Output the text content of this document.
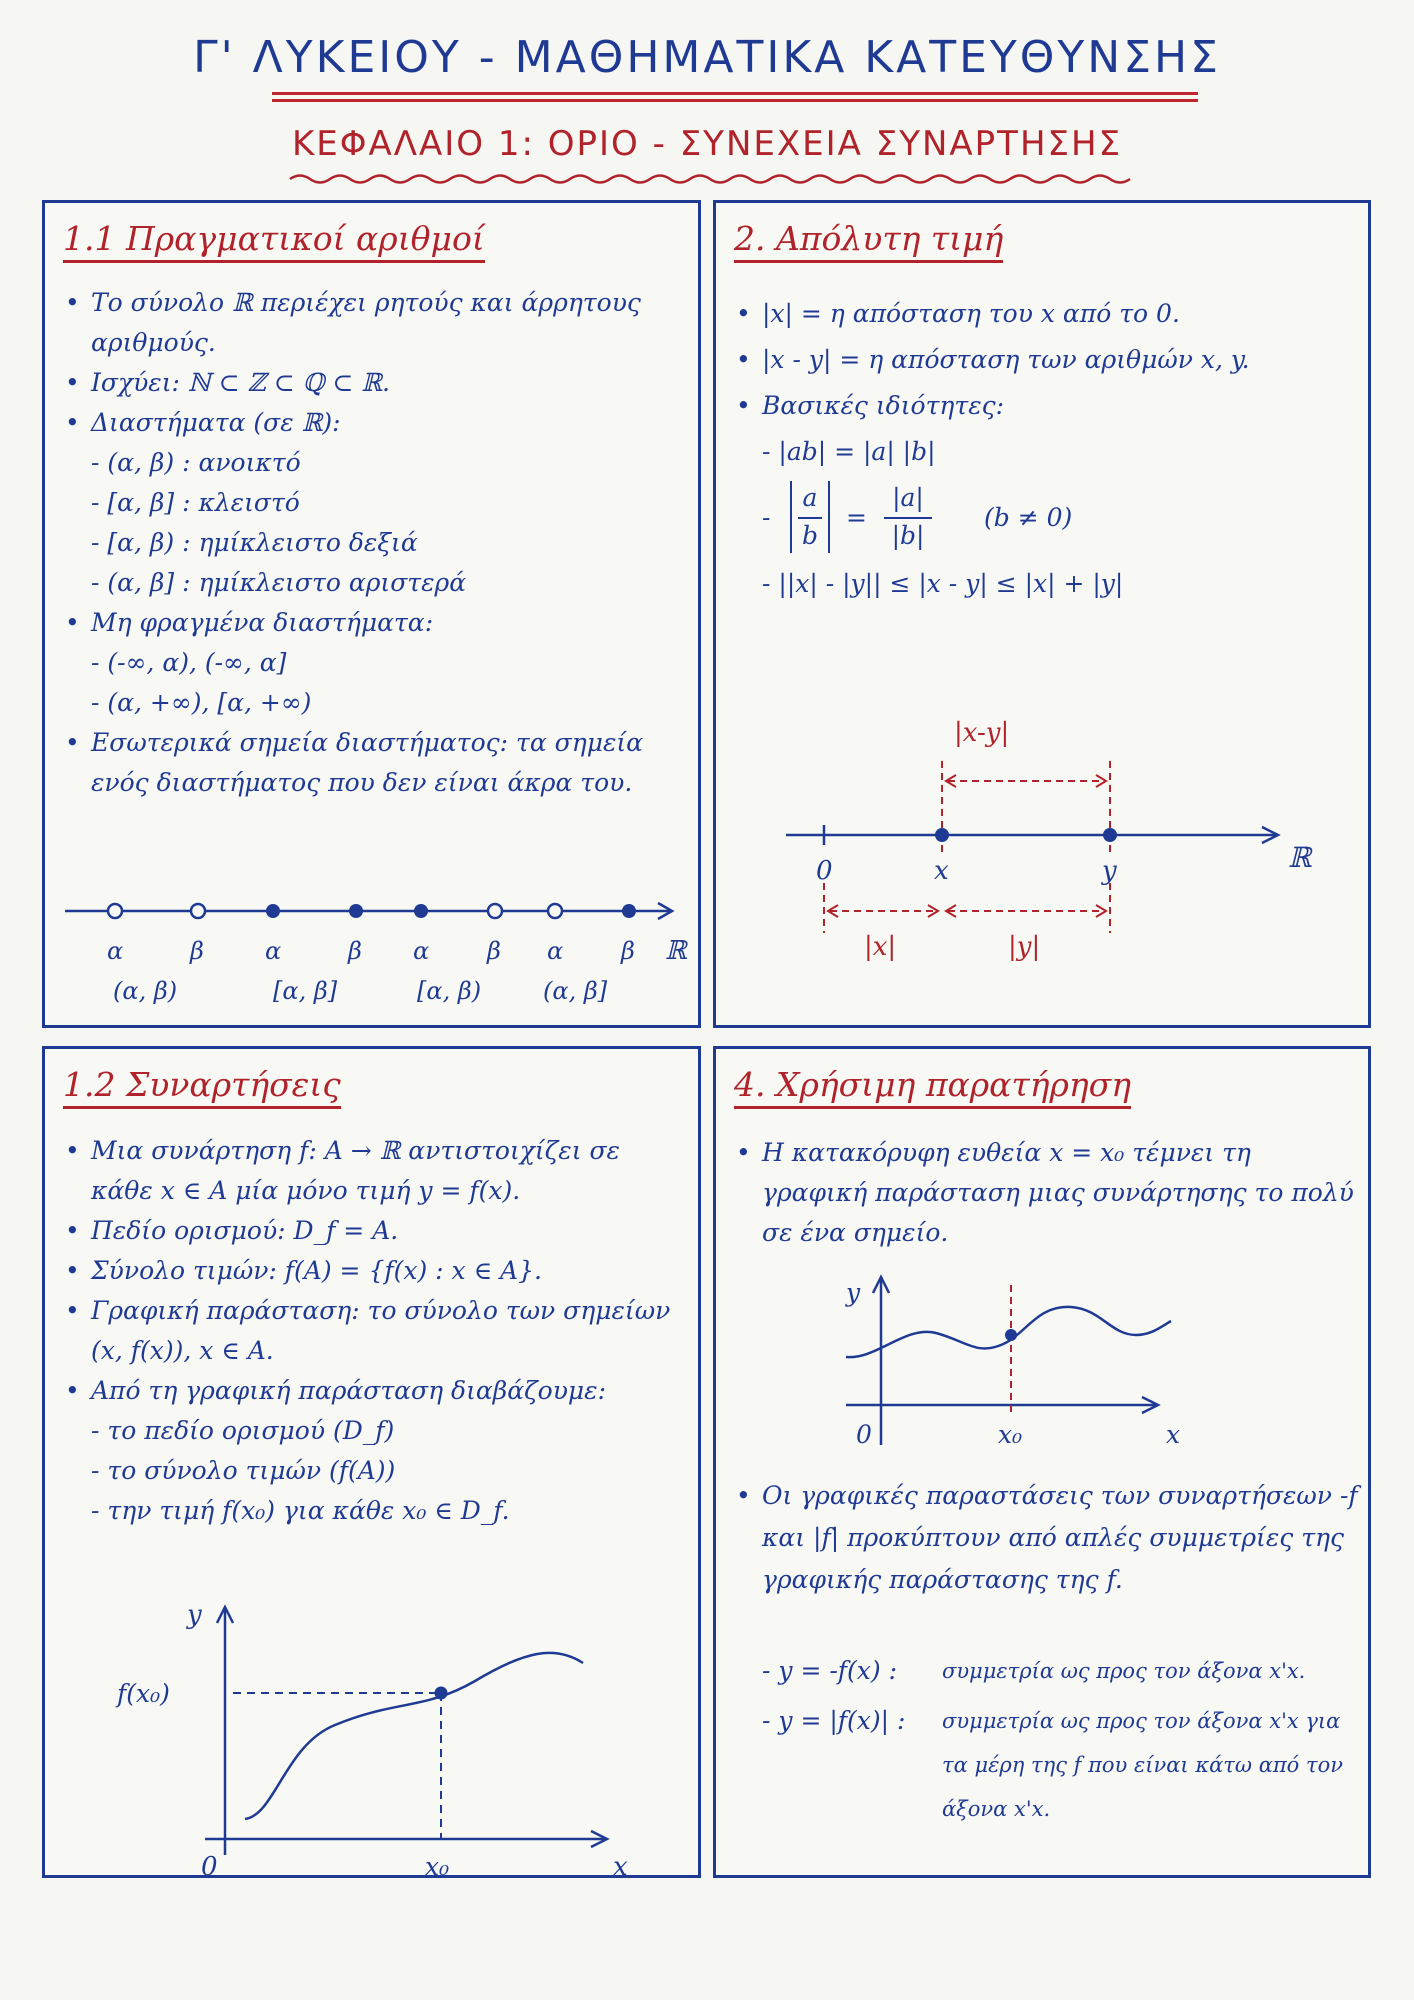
Γ' ΛΥΚΕΙΟΥ - ΜΑΘΗΜΑΤΙΚΑ ΚΑΤΕΥΘΥΝΣΗΣ
ΚΕΦΑΛΑΙΟ 1: ΟΡΙΟ - ΣΥΝΕΧΕΙΑ ΣΥΝΑΡΤΗΣΗΣ
1.1 Πραγματικοί αριθμοί
• Το σύνολο ℝ περιέχει ρητούς και άρρητους αριθμούς.
• Ισχύει: ℕ ⊂ ℤ ⊂ ℚ ⊂ ℝ.
• Διαστήματα (σε ℝ):
- (α, β) : ανοικτό
- [α, β] : κλειστό
- [α, β) : ημίκλειστο δεξιά
- (α, β] : ημίκλειστο αριστερά
• Μη φραγμένα διαστήματα:
- (-∞, α), (-∞, α]
- (α, +∞), [α, +∞)
• Εσωτερικά σημεία διαστήματος: τα σημεία ενός διαστήματος που δεν είναι άκρα του.
α	β	α	β α β α β ℝ
(α, β)	[α, β]	[α, β)	(α, β]
2. Απόλυτη τιμή
• |x| = η απόσταση του x από το 0.
• |x - y| = η απόσταση των αριθμών x, y.
• Βασικές ιδιότητες:
- |ab| = |a| |b|
-
a
b
=
|a|
|b|
(b ≠ 0)
- ||x| - |y|| ≤ |x - y| ≤ |x| + |y|
|x-y|
0	x	y	ℝ
|x|	|y|
1.2 Συναρτήσεις
• Μια συνάρτηση f: A → ℝ αντιστοιχίζει σε κάθε x ∈ A μία μόνο τιμή y = f(x).
• Πεδίο ορισμού: D_f = A.
• Σύνολο τιμών: f(A) = {f(x) : x ∈ A}.
• Γραφική παράσταση: το σύνολο των σημείων (x, f(x)), x ∈ A.
• Από τη γραφική παράσταση διαβάζουμε:
- το πεδίο ορισμού (D_f)
- το σύνολο τιμών (f(A))
- την τιμή f(x₀) για κάθε x₀ ∈ D_f.
y
0	x
f(x₀)
x₀
4. Χρήσιμη παρατήρηση
• Η κατακόρυφη ευθεία x = x₀ τέμνει τη γραφική παράσταση μιας συνάρτησης το πολύ σε ένα σημείο.
y
0	x
x₀
• Οι γραφικές παραστάσεις των συναρτήσεων -f και |f| προκύπτουν από απλές συμμετρίες της γραφικής παράστασης της f.
- y = -f(x) : συμμετρία ως προς τον άξονα x'x.
- y = |f(x)| : συμμετρία ως προς τον άξονα x'x για τα μέρη της f που είναι κάτω από τον άξονα x'x.
